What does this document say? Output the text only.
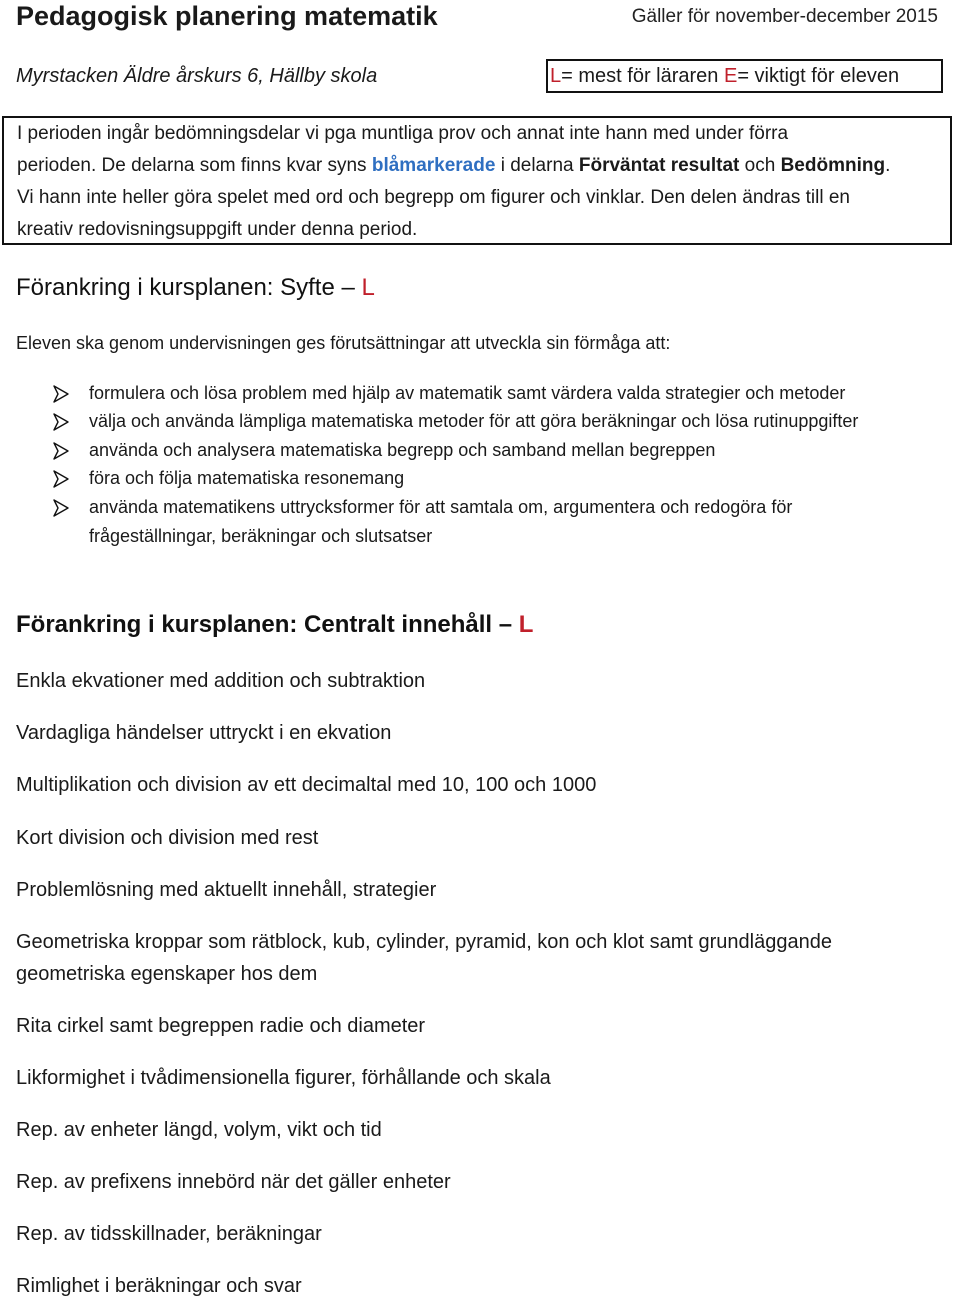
Pedagogisk planering matematik	Gäller för november-december 2015
Myrstacken Äldre årskurs 6, Hällby skola	L= mest för läraren E= viktigt för eleven
I perioden ingår bedömningsdelar vi pga muntliga prov och annat inte hann med under förra
perioden. De delarna som finns kvar syns blåmarkerade i delarna Förväntat resultat och Bedömning.
Vi hann inte heller göra spelet med ord och begrepp om figurer och vinklar. Den delen ändras till en
kreativ redovisningsuppgift under denna period.
Förankring i kursplanen: Syfte – L
Eleven ska genom undervisningen ges förutsättningar att utveckla sin förmåga att:
formulera och lösa problem med hjälp av matematik samt värdera valda strategier och metoder
välja och använda lämpliga matematiska metoder för att göra beräkningar och lösa rutinuppgifter
använda och analysera matematiska begrepp och samband mellan begreppen
föra och följa matematiska resonemang
använda matematikens uttrycksformer för att samtala om, argumentera och redogöra för
frågeställningar, beräkningar och slutsatser
Förankring i kursplanen: Centralt innehåll – L
Enkla ekvationer med addition och subtraktion
Vardagliga händelser uttryckt i en ekvation
Multiplikation och division av ett decimaltal med 10, 100 och 1000
Kort division och division med rest
Problemlösning med aktuellt innehåll, strategier
Geometriska kroppar som rätblock, kub, cylinder, pyramid, kon och klot samt grundläggande
geometriska egenskaper hos dem
Rita cirkel samt begreppen radie och diameter
Likformighet i tvådimensionella figurer, förhållande och skala
Rep. av enheter längd, volym, vikt och tid
Rep. av prefixens innebörd när det gäller enheter
Rep. av tidsskillnader, beräkningar
Rimlighet i beräkningar och svar
